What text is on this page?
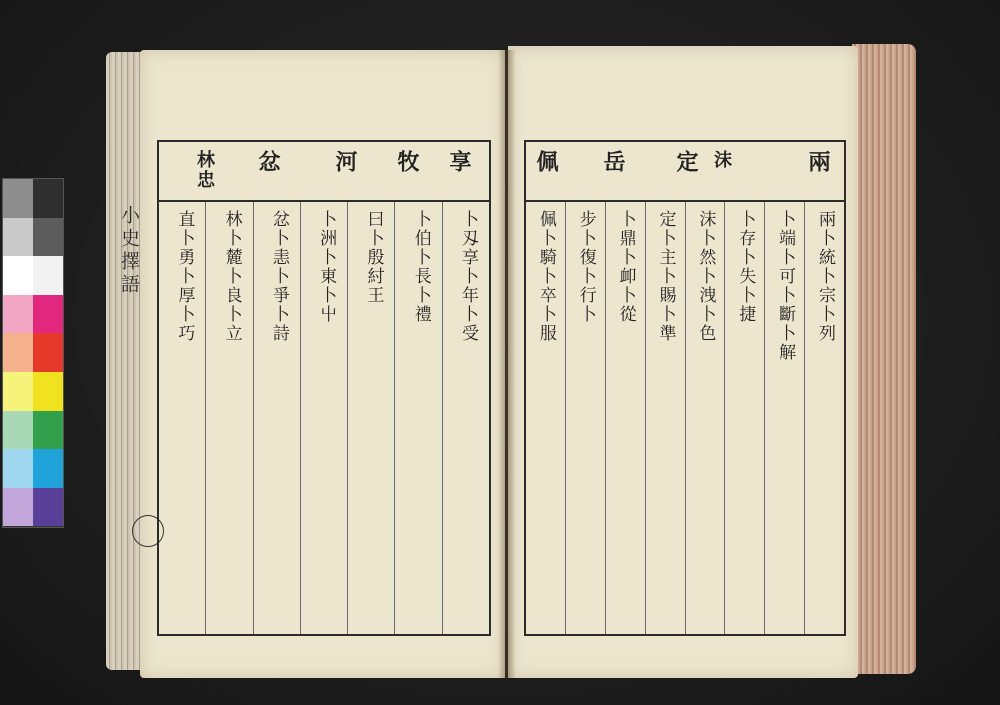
小史擇語
享
牧
河
忿
林忠
卜刄享卜年卜受
卜伯卜長卜禮
曰卜殷紂王
卜洲卜東卜屮
忿卜恚卜爭卜詩
林卜麓卜良卜立
直卜勇卜厚卜巧
兩
沫
定
岳
佩
兩卜統卜宗卜列
卜端卜可卜斷卜解
卜存卜失卜捷
沫卜然卜洩卜色
定卜主卜賜卜準
卜鼎卜卹卜從
步卜復卜行卜
佩卜騎卜卒卜服
